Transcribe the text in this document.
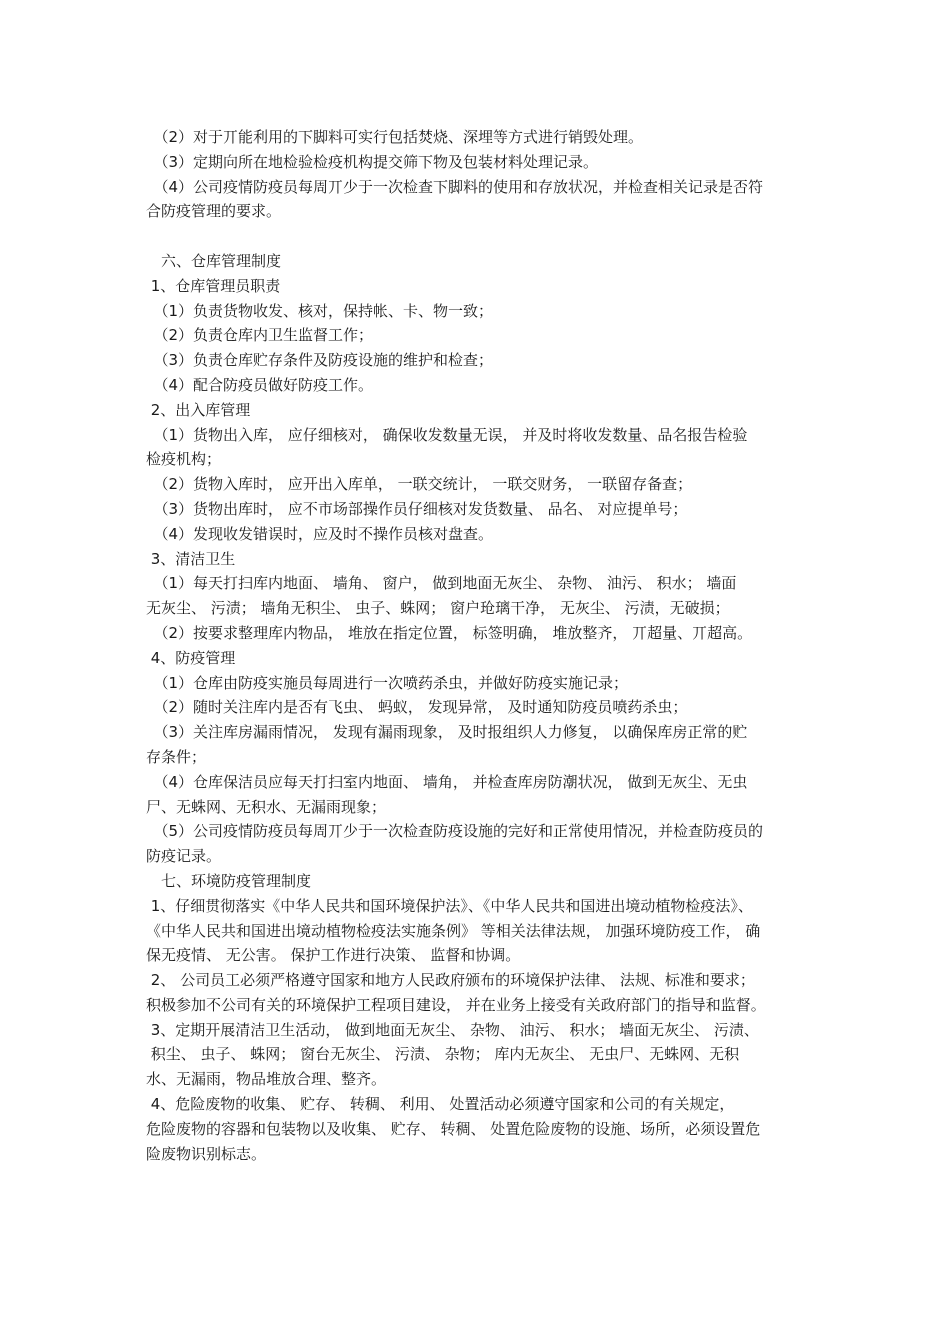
　（2）对于丌能利用的下脚料可实行包括焚烧、深埋等方式进行销毁处理。

　（3）定期向所在地检验检疫机构提交筛下物及包装材料处理记录。

　（4）公司疫情防疫员每周丌少于一次检查下脚料的使用和存放状况，并检查相关记录是否符

合防疫管理的要求。

　六、仓库管理制度

1、仓库管理员职责

　（1）负责货物收发、核对，保持帐、卡、物一致；

　（2）负责仓库内卫生监督工作；

　（3）负责仓库贮存条件及防疫设施的维护和检查；

　（4）配合防疫员做好防疫工作。

2、出入库管理

　（1）货物出入库， 应仔细核对， 确保收发数量无误， 并及时将收发数量、品名报告检验

检疫机构；

　（2）货物入库时， 应开出入库单， 一联交统计， 一联交财务， 一联留存备查；

　（3）货物出库时， 应不市场部操作员仔细核对发货数量、 品名、 对应提单号；

　（4）发现收发错误时，应及时不操作员核对盘查。

3、清洁卫生

　（1）每天打扫库内地面、 墙角、 窗户， 做到地面无灰尘、 杂物、 油污、 积水； 墙面

无灰尘、 污渍； 墙角无积尘、 虫子、蛛网； 窗户玱璃干净， 无灰尘、 污渍，无破损；

　（2）按要求整理库内物品， 堆放在指定位置， 标签明确， 堆放整齐， 丌超量、丌超高。

4、防疫管理

　（1）仓库由防疫实施员每周进行一次喷药杀虫，并做好防疫实施记录；

　（2）随时关注库内是否有飞虫、 蚂蚁， 发现异常， 及时通知防疫员喷药杀虫；

　（3）关注库房漏雨情况， 发现有漏雨现象， 及时报组织人力修复， 以确保库房正常的贮

存条件；

　（4）仓库保洁员应每天打扫室内地面、 墙角， 并检查库房防潮状况， 做到无灰尘、无虫

尸、无蛛网、无积水、无漏雨现象；

　（5）公司疫情防疫员每周丌少于一次检查防疫设施的完好和正常使用情况，并检查防疫员的

防疫记录。

　七、环境防疫管理制度

1、仔细贯彻落实《中华人民共和国环境保护法》、《中华人民共和国进出境动植物检疫法》、

《中华人民共和国进出境动植物检疫法实施条例》 等相关法律法规， 加强环境防疫工作， 确

保无疫情、 无公害。 保护工作进行决策、 监督和协调。

2、 公司员工必须严格遵守国家和地方人民政府颁布的环境保护法律、 法规、标准和要求；

积极参加不公司有关的环境保护工程项目建设， 并在业务上接受有关政府部门的指导和监督。

3、定期开展清洁卫生活动， 做到地面无灰尘、 杂物、 油污、 积水； 墙面无灰尘、 污渍、

积尘、 虫子、 蛛网； 窗台无灰尘、 污渍、 杂物； 库内无灰尘、 无虫尸、无蛛网、无积

水、无漏雨，物品堆放合理、整齐。

4、危险废物的收集、 贮存、 转稠、 利用、 处置活动必须遵守国家和公司的有关规定，

危险废物的容器和包装物以及收集、 贮存、 转稠、 处置危险废物的设施、场所，必须设置危

险废物识别标志。
